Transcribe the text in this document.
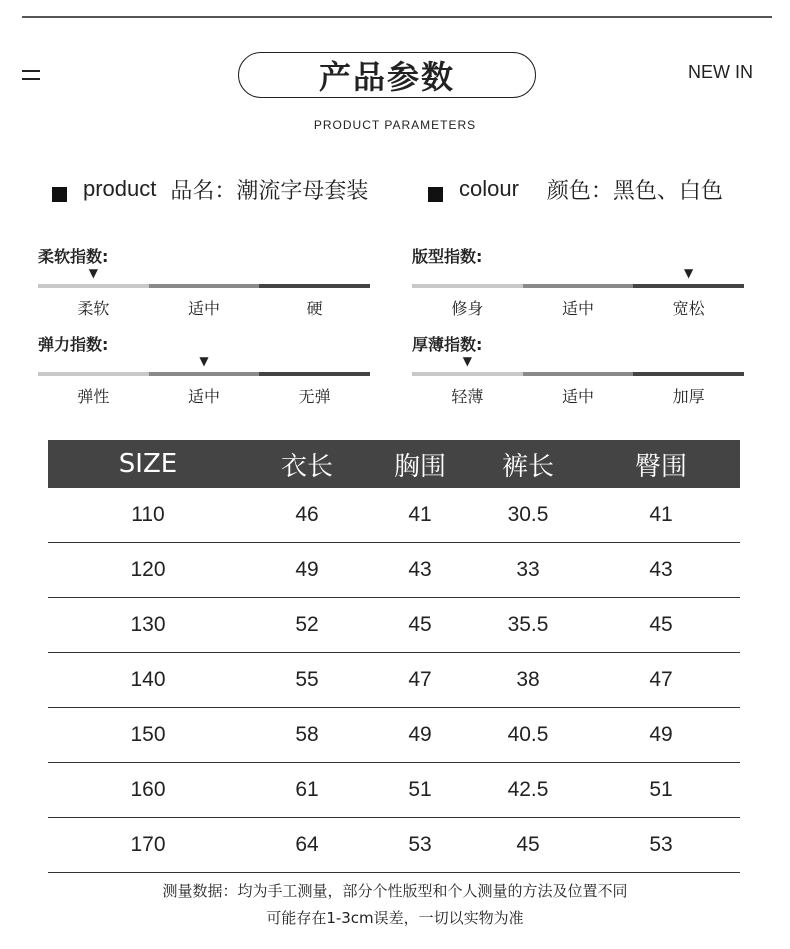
产品参数	NEW IN
PRODUCT PARAMETERS
product 品名：潮流字母套装	colour 颜色：黑色、白色
柔软指数:
▼
柔软	适中	硬
版型指数:
▼
修身	适中	宽松
弹力指数:
▼
弹性	适中	无弹
厚薄指数:
▼
轻薄	适中	加厚
SIZE	衣长	胸围	裤长	臀围
110	46	41	30.5	41
120	49	43	33	43
130	52	45	35.5	45
140	55	47	38	47
150	58	49	40.5	49
160	61	51	42.5	51
170	64	53	45	53
测量数据：均为手工测量，部分个性版型和个人测量的方法及位置不同
可能存在1-3cm误差，一切以实物为准
